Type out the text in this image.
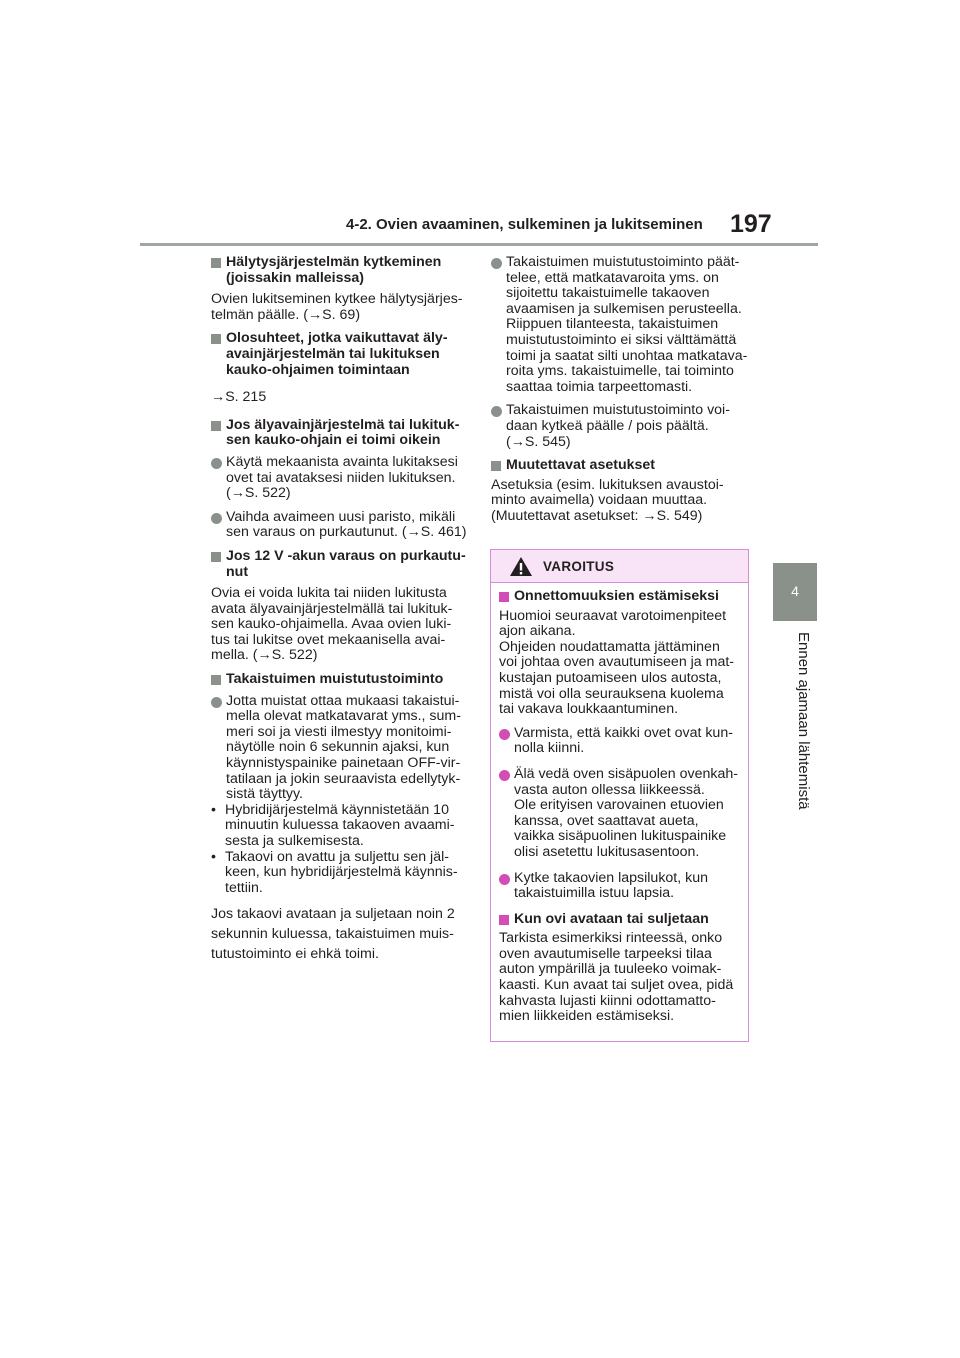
4-2. Ovien avaaminen, sulkeminen ja lukitseminen 197
4
Ennen ajamaan lähtemistä
Hälytysjärjestelmän kytkeminen
(joissakin malleissa)
Ovien lukitseminen kytkee hälytysjärjes-
telmän päälle. (→S. 69)
Olosuhteet, jotka vaikuttavat äly-
avainjärjestelmän tai lukituksen
kauko-ohjaimen toimintaan
→S. 215
Jos älyavainjärjestelmä tai lukituk-
sen kauko-ohjain ei toimi oikein
Käytä mekaanista avainta lukitaksesi
ovet tai avataksesi niiden lukituksen.
(→S. 522)
Vaihda avaimeen uusi paristo, mikäli
sen varaus on purkautunut. (→S. 461)
Jos 12 V -akun varaus on purkautu-
nut
Ovia ei voida lukita tai niiden lukitusta
avata älyavainjärjestelmällä tai lukituk-
sen kauko-ohjaimella. Avaa ovien luki-
tus tai lukitse ovet mekaanisella avai-
mella. (→S. 522)
Takaistuimen muistutustoiminto
Jotta muistat ottaa mukaasi takaistui-
mella olevat matkatavarat yms., sum-
meri soi ja viesti ilmestyy monitoimi-
näytölle noin 6 sekunnin ajaksi, kun
käynnistyspainike painetaan OFF-vir-
tatilaan ja jokin seuraavista edellytyk-
sistä täyttyy.
• Hybridijärjestelmä käynnistetään 10
minuutin kuluessa takaoven avaami-
sesta ja sulkemisesta.
• Takaovi on avattu ja suljettu sen jäl-
keen, kun hybridijärjestelmä käynnis-
tettiin.
Jos takaovi avataan ja suljetaan noin 2
sekunnin kuluessa, takaistuimen muis-
tutustoiminto ei ehkä toimi.
Takaistuimen muistutustoiminto päät-
telee, että matkatavaroita yms. on
sijoitettu takaistuimelle takaoven
avaamisen ja sulkemisen perusteella.
Riippuen tilanteesta, takaistuimen
muistutustoiminto ei siksi välttämättä
toimi ja saatat silti unohtaa matkatava-
roita yms. takaistuimelle, tai toiminto
saattaa toimia tarpeettomasti.
Takaistuimen muistutustoiminto voi-
daan kytkeä päälle / pois päältä.
(→S. 545)
Muutettavat asetukset
Asetuksia (esim. lukituksen avaustoi-
minto avaimella) voidaan muuttaa.
(Muutettavat asetukset: →S. 549)
VAROITUS
Onnettomuuksien estämiseksi
Huomioi seuraavat varotoimenpiteet
ajon aikana.
Ohjeiden noudattamatta jättäminen
voi johtaa oven avautumiseen ja mat-
kustajan putoamiseen ulos autosta,
mistä voi olla seurauksena kuolema
tai vakava loukkaantuminen.
Varmista, että kaikki ovet ovat kun-
nolla kiinni.
Älä vedä oven sisäpuolen ovenkah-
vasta auton ollessa liikkeessä.
Ole erityisen varovainen etuovien
kanssa, ovet saattavat aueta,
vaikka sisäpuolinen lukituspainike
olisi asetettu lukitusasentoon.
Kytke takaovien lapsilukot, kun
takaistuimilla istuu lapsia.
Kun ovi avataan tai suljetaan
Tarkista esimerkiksi rinteessä, onko
oven avautumiselle tarpeeksi tilaa
auton ympärillä ja tuuleeko voimak-
kaasti. Kun avaat tai suljet ovea, pidä
kahvasta lujasti kiinni odottamatto-
mien liikkeiden estämiseksi.
